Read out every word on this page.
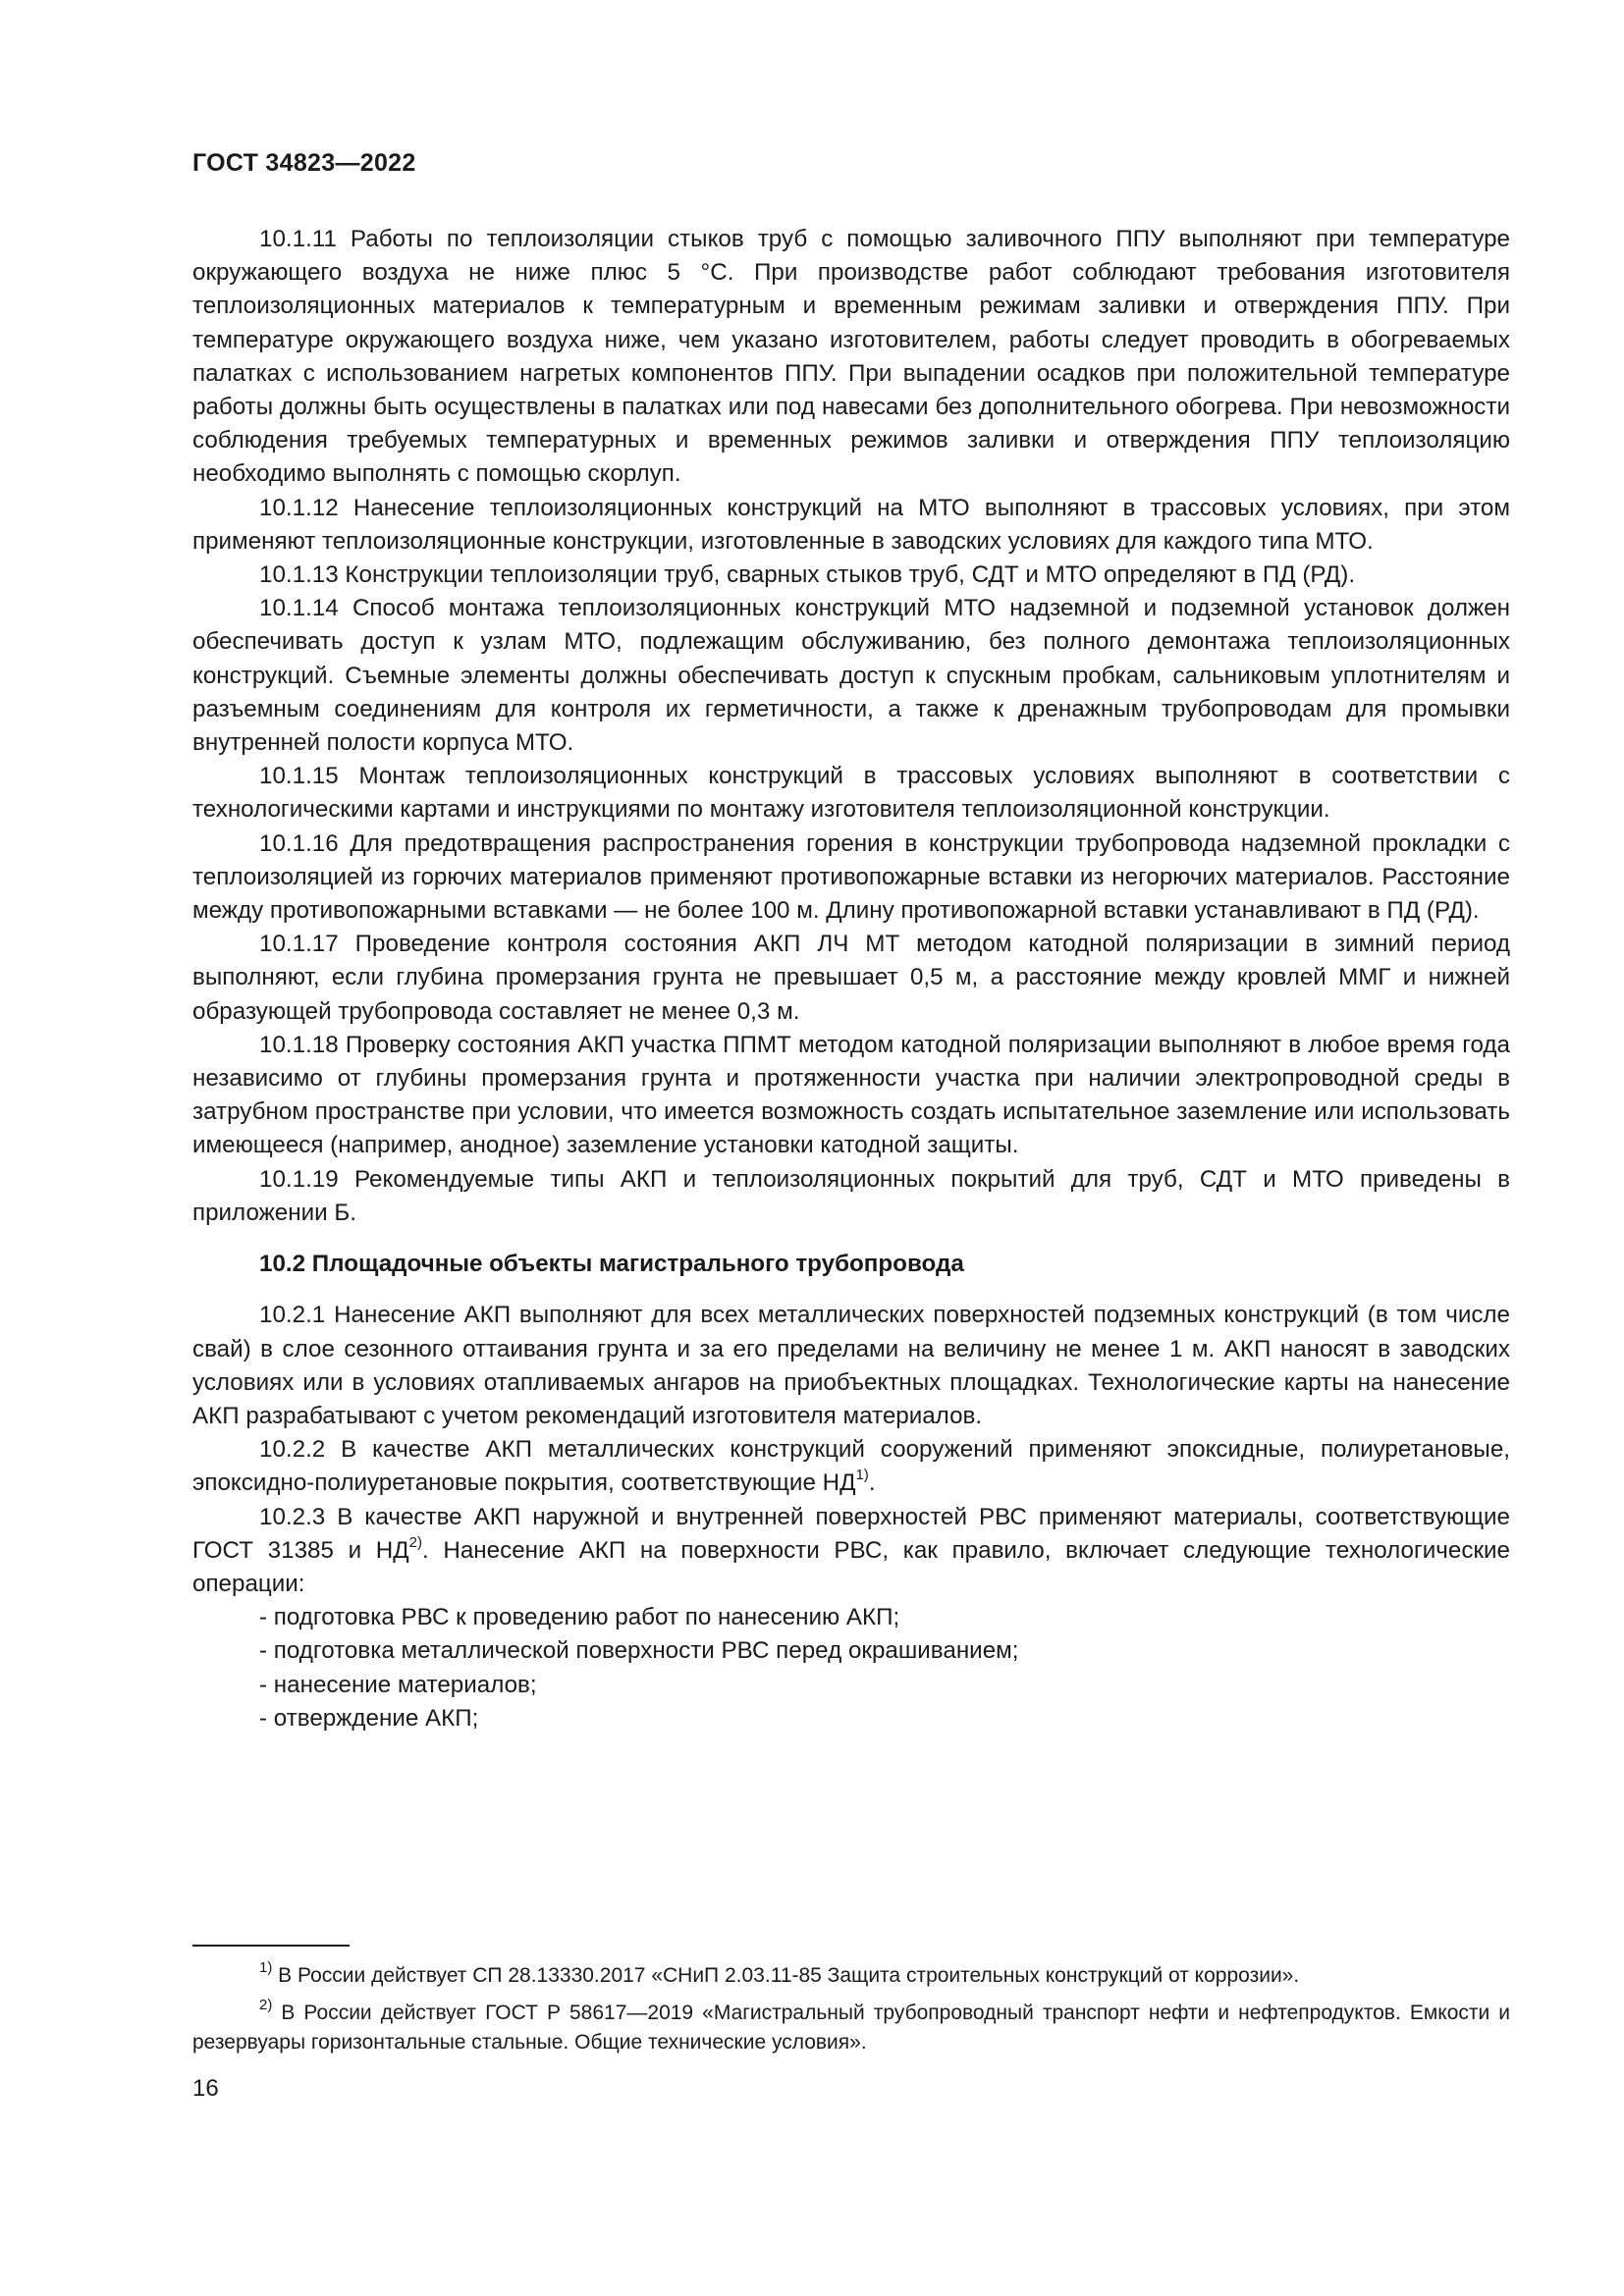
ГОСТ 34823—2022

10.1.11 Работы по теплоизоляции стыков труб с помощью заливочного ППУ выполняют при температуре окружающего воздуха не ниже плюс 5 °С. При производстве работ соблюдают требования изготовителя теплоизоляционных материалов к температурным и временным режимам заливки и отверждения ППУ. При температуре окружающего воздуха ниже, чем указано изготовителем, работы следует проводить в обогреваемых палатках с использованием нагретых компонентов ППУ. При выпадении осадков при положительной температуре работы должны быть осуществлены в палатках или под навесами без дополнительного обогрева. При невозможности соблюдения требуемых температурных и временных режимов заливки и отверждения ППУ теплоизоляцию необходимо выполнять с помощью скорлуп.

10.1.12 Нанесение теплоизоляционных конструкций на МТО выполняют в трассовых условиях, при этом применяют теплоизоляционные конструкции, изготовленные в заводских условиях для каждого типа МТО.

10.1.13 Конструкции теплоизоляции труб, сварных стыков труб, СДТ и МТО определяют в ПД (РД).

10.1.14 Способ монтажа теплоизоляционных конструкций МТО надземной и подземной установок должен обеспечивать доступ к узлам МТО, подлежащим обслуживанию, без полного демонтажа теплоизоляционных конструкций. Съемные элементы должны обеспечивать доступ к спускным пробкам, сальниковым уплотнителям и разъемным соединениям для контроля их герметичности, а также к дренажным трубопроводам для промывки внутренней полости корпуса МТО.

10.1.15 Монтаж теплоизоляционных конструкций в трассовых условиях выполняют в соответствии с технологическими картами и инструкциями по монтажу изготовителя теплоизоляционной конструкции.

10.1.16 Для предотвращения распространения горения в конструкции трубопровода надземной прокладки с теплоизоляцией из горючих материалов применяют противопожарные вставки из негорючих материалов. Расстояние между противопожарными вставками — не более 100 м. Длину противопожарной вставки устанавливают в ПД (РД).

10.1.17 Проведение контроля состояния АКП ЛЧ МТ методом катодной поляризации в зимний период выполняют, если глубина промерзания грунта не превышает 0,5 м, а расстояние между кровлей ММГ и нижней образующей трубопровода составляет не менее 0,3 м.

10.1.18 Проверку состояния АКП участка ППМТ методом катодной поляризации выполняют в любое время года независимо от глубины промерзания грунта и протяженности участка при наличии электропроводной среды в затрубном пространстве при условии, что имеется возможность создать испытательное заземление или использовать имеющееся (например, анодное) заземление установки катодной защиты.

10.1.19 Рекомендуемые типы АКП и теплоизоляционных покрытий для труб, СДТ и МТО приведены в приложении Б.

10.2 Площадочные объекты магистрального трубопровода

10.2.1 Нанесение АКП выполняют для всех металлических поверхностей подземных конструкций (в том числе свай) в слое сезонного оттаивания грунта и за его пределами на величину не менее 1 м. АКП наносят в заводских условиях или в условиях отапливаемых ангаров на приобъектных площадках. Технологические карты на нанесение АКП разрабатывают с учетом рекомендаций изготовителя материалов.

10.2.2 В качестве АКП металлических конструкций сооружений применяют эпоксидные, полиуретановые, эпоксидно-полиуретановые покрытия, соответствующие НД$^{1)}$.

10.2.3 В качестве АКП наружной и внутренней поверхностей РВС применяют материалы, соответствующие ГОСТ 31385 и НД$^{2)}$. Нанесение АКП на поверхности РВС, как правило, включает следующие технологические операции:

- подготовка РВС к проведению работ по нанесению АКП;
- подготовка металлической поверхности РВС перед окрашиванием;
- нанесение материалов;
- отверждение АКП;

$^{1)}$ В России действует СП 28.13330.2017 «СНиП 2.03.11-85 Защита строительных конструкций от коррозии».

$^{2)}$ В России действует ГОСТ Р 58617—2019 «Магистральный трубопроводный транспорт нефти и нефтепродуктов. Емкости и резервуары горизонтальные стальные. Общие технические условия».

16
